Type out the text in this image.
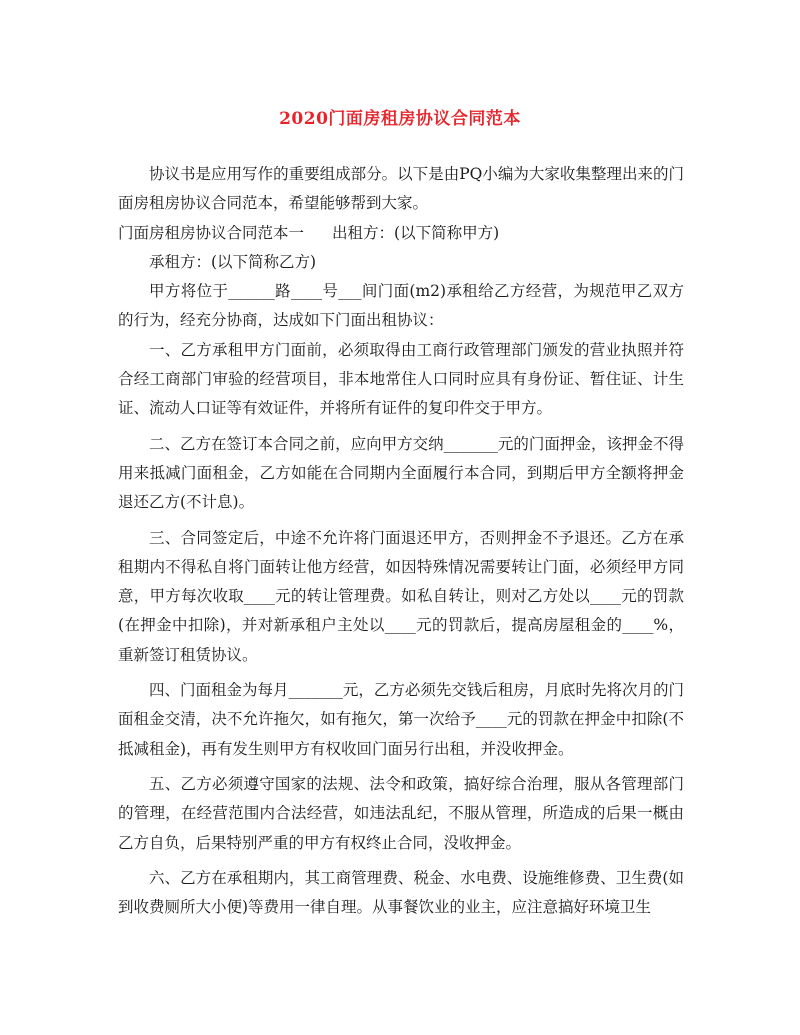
2020门面房租房协议合同范本

协议书是应用写作的重要组成部分。以下是由PQ小编为大家收集整理出来的门面房租房协议合同范本，希望能够帮到大家。

门面房租房协议合同范本一 出租方：(以下简称甲方)

承租方：(以下简称乙方)

甲方将位于______路____号___间门面(m2)承租给乙方经营，为规范甲乙双方的行为，经充分协商，达成如下门面出租协议：

一、乙方承租甲方门面前，必须取得由工商行政管理部门颁发的营业执照并符合经工商部门审验的经营项目，非本地常住人口同时应具有身份证、暂住证、计生证、流动人口证等有效证件，并将所有证件的复印件交于甲方。

二、乙方在签订本合同之前，应向甲方交纳_______元的门面押金，该押金不得用来抵减门面租金，乙方如能在合同期内全面履行本合同，到期后甲方全额将押金退还乙方(不计息)。

三、合同签定后，中途不允许将门面退还甲方，否则押金不予退还。乙方在承租期内不得私自将门面转让他方经营，如因特殊情况需要转让门面，必须经甲方同意，甲方每次收取____元的转让管理费。如私自转让，则对乙方处以____元的罚款(在押金中扣除)，并对新承租户主处以____元的罚款后，提高房屋租金的____%，重新签订租赁协议。

四、门面租金为每月_______元，乙方必须先交钱后租房，月底时先将次月的门面租金交清，决不允许拖欠，如有拖欠，第一次给予____元的罚款在押金中扣除(不抵减租金)，再有发生则甲方有权收回门面另行出租，并没收押金。

五、乙方必须遵守国家的法规、法令和政策，搞好综合治理，服从各管理部门的管理，在经营范围内合法经营，如违法乱纪，不服从管理，所造成的后果一概由乙方自负，后果特别严重的甲方有权终止合同，没收押金。

六、乙方在承租期内，其工商管理费、税金、水电费、设施维修费、卫生费(如到收费厕所大小便)等费用一律自理。从事餐饮业的业主，应注意搞好环境卫生
